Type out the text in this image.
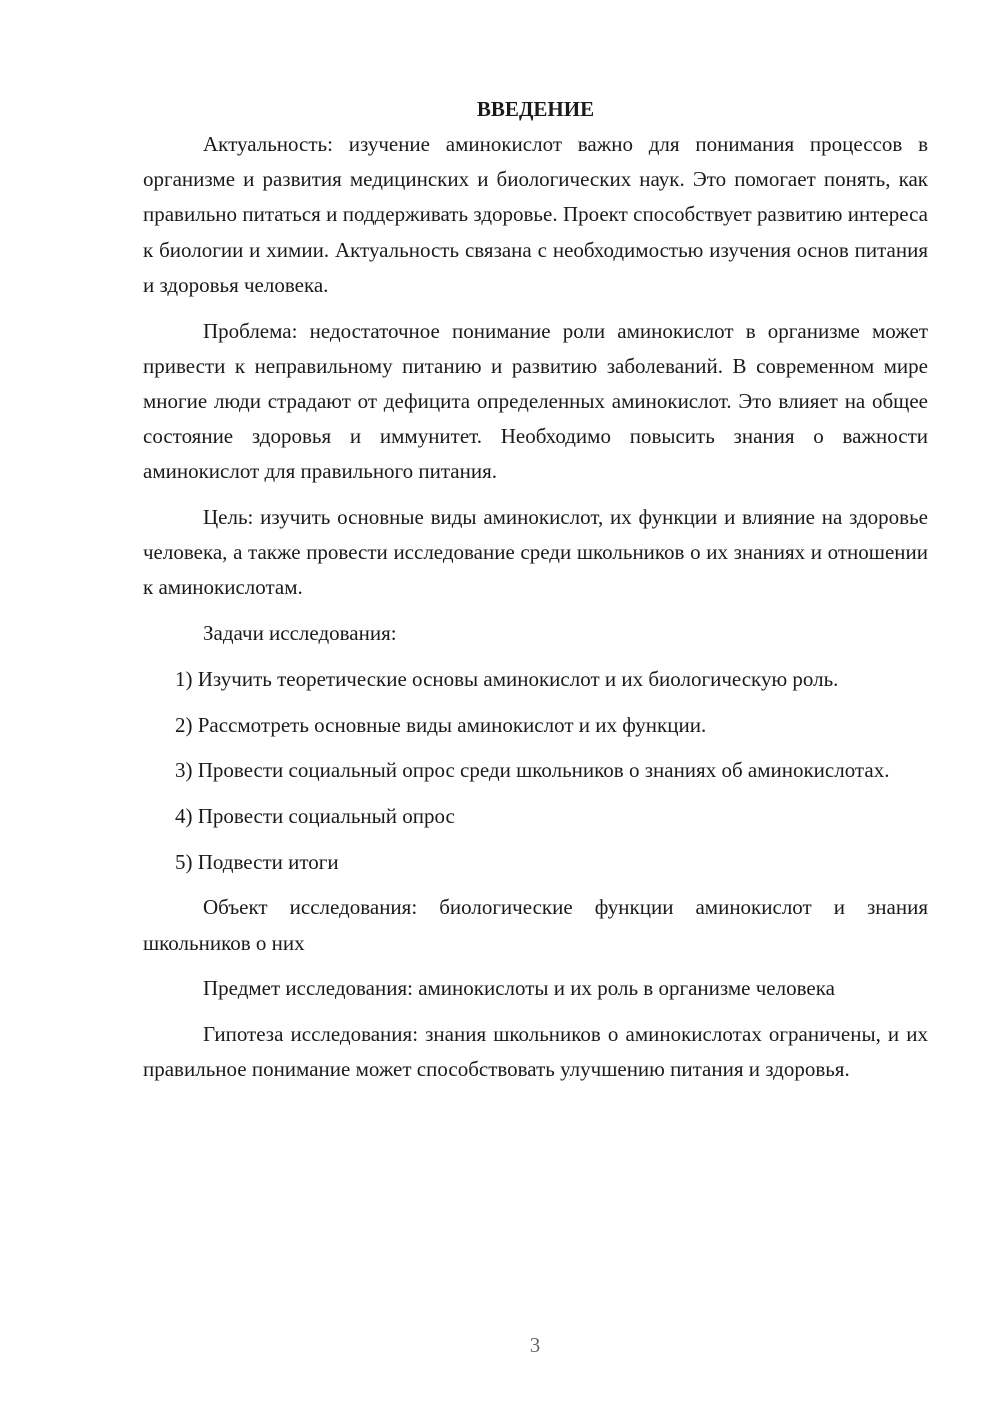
ВВЕДЕНИЕ

Актуальность: изучение аминокислот важно для понимания процессов в организме и развития медицинских и биологических наук. Это помогает понять, как правильно питаться и поддерживать здоровье. Проект способствует развитию интереса к биологии и химии. Актуальность связана с необходимостью изучения основ питания и здоровья человека.

Проблема: недостаточное понимание роли аминокислот в организме может привести к неправильному питанию и развитию заболеваний. В современном мире многие люди страдают от дефицита определенных аминокислот. Это влияет на общее состояние здоровья и иммунитет. Необходимо повысить знания о важности аминокислот для правильного питания.

Цель: изучить основные виды аминокислот, их функции и влияние на здоровье человека, а также провести исследование среди школьников о их знаниях и отношении к аминокислотам.

Задачи исследования:

1) Изучить теоретические основы аминокислот и их биологическую роль.

2) Рассмотреть основные виды аминокислот и их функции.

3) Провести социальный опрос среди школьников о знаниях об аминокислотах.

4) Провести социальный опрос

5) Подвести итоги

Объект исследования: биологические функции аминокислот и знания школьников о них

Предмет исследования: аминокислоты и их роль в организме человека

Гипотеза исследования: знания школьников о аминокислотах ограничены, и их правильное понимание может способствовать улучшению питания и здоровья.

3
